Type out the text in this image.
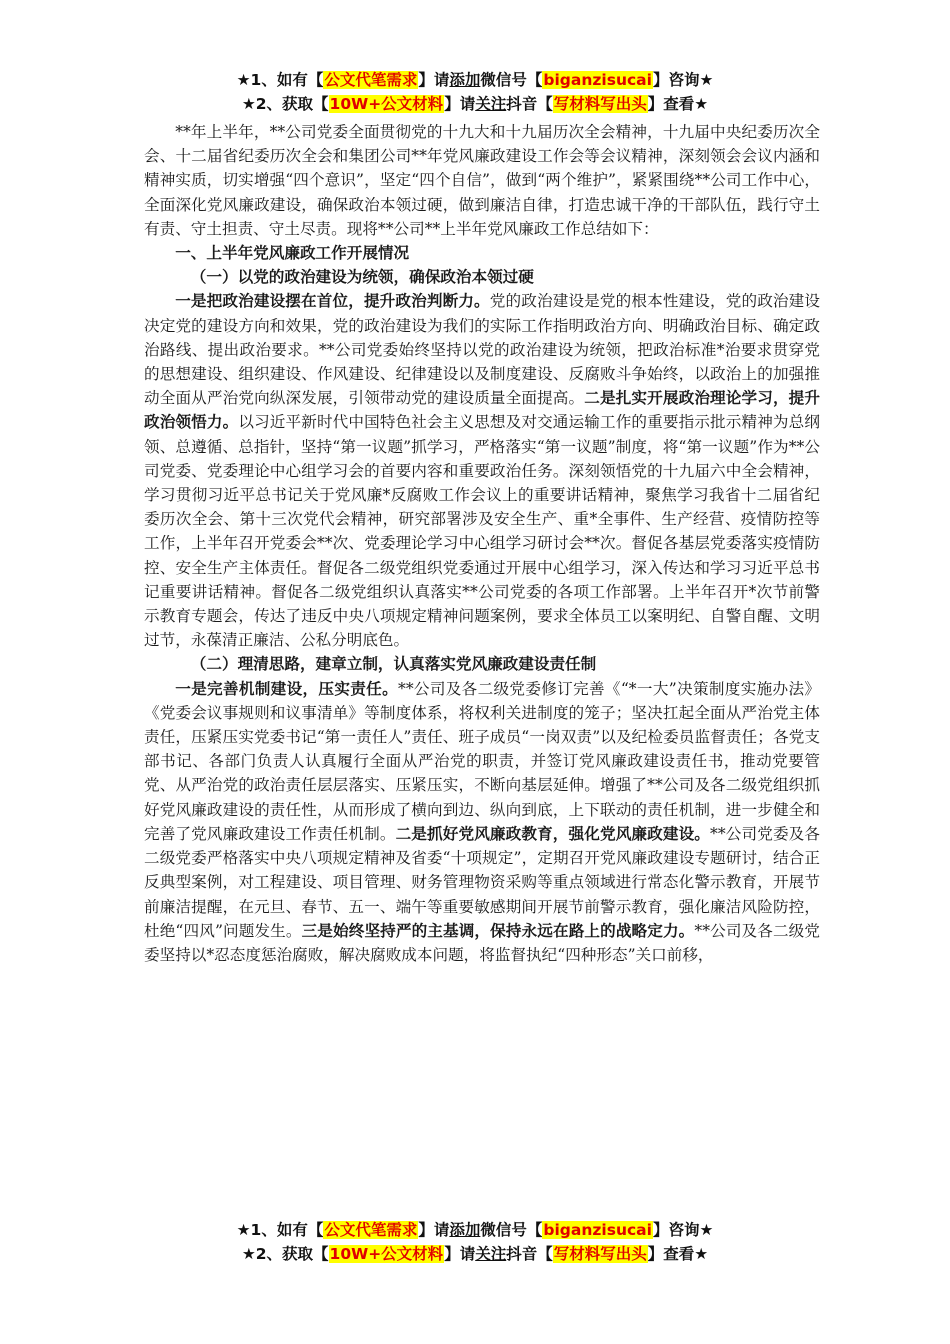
★1、如有【公文代笔需求】请添加微信号【biganzisucai】咨询★
★2、获取【10W+公文材料】请关注抖音【写材料写出头】查看★

**年上半年，**公司党委全面贯彻党的十九大和十九届历次全会精神，十九届中央纪委历次全会、十二届省纪委历次全会和集团公司**年党风廉政建设工作会等会议精神，深刻领会会议内涵和精神实质，切实增强“四个意识”，坚定“四个自信”，做到“两个维护”，紧紧围绕**公司工作中心，全面深化党风廉政建设，确保政治本领过硬，做到廉洁自律，打造忠诚干净的干部队伍，践行守土有责、守土担责、守土尽责。现将**公司**上半年党风廉政工作总结如下：

一、上半年党风廉政工作开展情况
（一）以党的政治建设为统领，确保政治本领过硬

一是把政治建设摆在首位，提升政治判断力。党的政治建设是党的根本性建设，党的政治建设决定党的建设方向和效果，党的政治建设为我们的实际工作指明政治方向、明确政治目标、确定政治路线、提出政治要求。**公司党委始终坚持以党的政治建设为统领，把政治标准*治要求贯穿党的思想建设、组织建设、作风建设、纪律建设以及制度建设、反腐败斗争始终，以政治上的加强推动全面从严治党向纵深发展，引领带动党的建设质量全面提高。二是扎实开展政治理论学习，提升政治领悟力。以习近平新时代中国特色社会主义思想及对交通运输工作的重要指示批示精神为总纲领、总遵循、总指针，坚持“第一议题”抓学习，严格落实“第一议题”制度，将“第一议题”作为**公司党委、党委理论中心组学习会的首要内容和重要政治任务。深刻领悟党的十九届六中全会精神，学习贯彻习近平总书记关于党风廉*反腐败工作会议上的重要讲话精神，聚焦学习我省十二届省纪委历次全会、第十三次党代会精神，研究部署涉及安全生产、重*全事件、生产经营、疫情防控等工作，上半年召开党委会**次、党委理论学习中心组学习研讨会**次。督促各基层党委落实疫情防控、安全生产主体责任。督促各二级党组织党委通过开展中心组学习，深入传达和学习习近平总书记重要讲话精神。督促各二级党组织认真落实**公司党委的各项工作部署。上半年召开*次节前警示教育专题会，传达了违反中央八项规定精神问题案例，要求全体员工以案明纪、自警自醒、文明过节，永葆清正廉洁、公私分明底色。

（二）理清思路，建章立制，认真落实党风廉政建设责任制

一是完善机制建设，压实责任。**公司及各二级党委修订完善《“*一大”决策制度实施办法》《党委会议事规则和议事清单》等制度体系，将权利关进制度的笼子；坚决扛起全面从严治党主体责任，压紧压实党委书记“第一责任人”责任、班子成员“一岗双责”以及纪检委员监督责任；各党支部书记、各部门负责人认真履行全面从严治党的职责，并签订党风廉政建设责任书，推动党要管党、从严治党的政治责任层层落实、压紧压实，不断向基层延伸。增强了**公司及各二级党组织抓好党风廉政建设的责任性，从而形成了横向到边、纵向到底，上下联动的责任机制，进一步健全和完善了党风廉政建设工作责任机制。二是抓好党风廉政教育，强化党风廉政建设。**公司党委及各二级党委严格落实中央八项规定精神及省委“十项规定”，定期召开党风廉政建设专题研讨，结合正反典型案例，对工程建设、项目管理、财务管理物资采购等重点领域进行常态化警示教育，开展节前廉洁提醒，在元旦、春节、五一、端午等重要敏感期间开展节前警示教育，强化廉洁风险防控，杜绝“四风”问题发生。三是始终坚持严的主基调，保持永远在路上的战略定力。**公司及各二级党委坚持以*忍态度惩治腐败，解决腐败成本问题，将监督执纪“四种形态”关口前移，

★1、如有【公文代笔需求】请添加微信号【biganzisucai】咨询★
★2、获取【10W+公文材料】请关注抖音【写材料写出头】查看★
